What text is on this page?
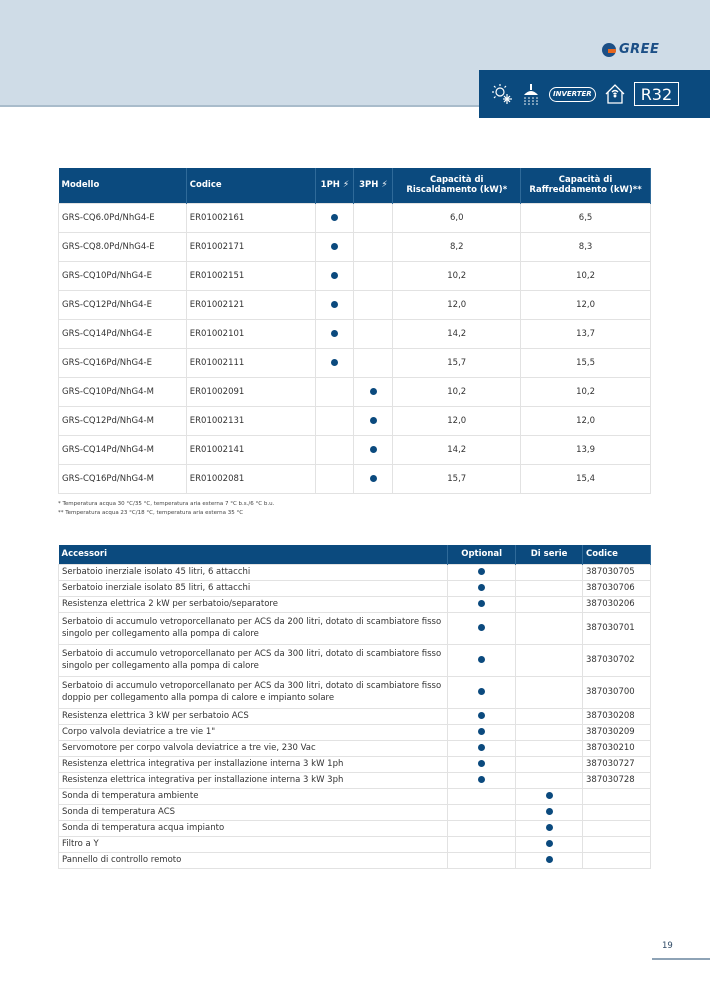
GREE
INVERTER	R32
Modello	Codice	1PH ⚡	3PH ⚡	Capacità di Riscaldamento (kW)*	Capacità di Raffreddamento (kW)**
GRS-CQ6.0Pd/NhG4-E	ER01002161			6,0	6,5
GRS-CQ8.0Pd/NhG4-E	ER01002171			8,2	8,3
GRS-CQ10Pd/NhG4-E	ER01002151			10,2	10,2
GRS-CQ12Pd/NhG4-E	ER01002121			12,0	12,0
GRS-CQ14Pd/NhG4-E	ER01002101			14,2	13,7
GRS-CQ16Pd/NhG4-E	ER01002111			15,7	15,5
GRS-CQ10Pd/NhG4-M	ER01002091			10,2	10,2
GRS-CQ12Pd/NhG4-M	ER01002131			12,0	12,0
GRS-CQ14Pd/NhG4-M	ER01002141			14,2	13,9
GRS-CQ16Pd/NhG4-M	ER01002081			15,7	15,4
* Temperatura acqua 30 °C/35 °C, temperatura aria esterna 7 °C b.s./6 °C b.u.
** Temperatura acqua 23 °C/18 °C, temperatura aria esterna 35 °C
Accessori	Optional	Di serie	Codice
Serbatoio inerziale isolato 45 litri, 6 attacchi			387030705
Serbatoio inerziale isolato 85 litri, 6 attacchi			387030706
Resistenza elettrica 2 kW per serbatoio/separatore			387030206
Serbatoio di accumulo vetroporcellanato per ACS da 200 litri, dotato di scambiatore fisso singolo per collegamento alla pompa di calore			387030701
Serbatoio di accumulo vetroporcellanato per ACS da 300 litri, dotato di scambiatore fisso singolo per collegamento alla pompa di calore			387030702
Serbatoio di accumulo vetroporcellanato per ACS da 300 litri, dotato di scambiatore fisso doppio per collegamento alla pompa di calore e impianto solare			387030700
Resistenza elettrica 3 kW per serbatoio ACS			387030208
Corpo valvola deviatrice a tre vie 1"			387030209
Servomotore per corpo valvola deviatrice a tre vie, 230 Vac			387030210
Resistenza elettrica integrativa per installazione interna 3 kW 1ph			387030727
Resistenza elettrica integrativa per installazione interna 3 kW 3ph			387030728
Sonda di temperatura ambiente			
Sonda di temperatura ACS			
Sonda di temperatura acqua impianto			
Filtro a Y			
Pannello di controllo remoto			
19
